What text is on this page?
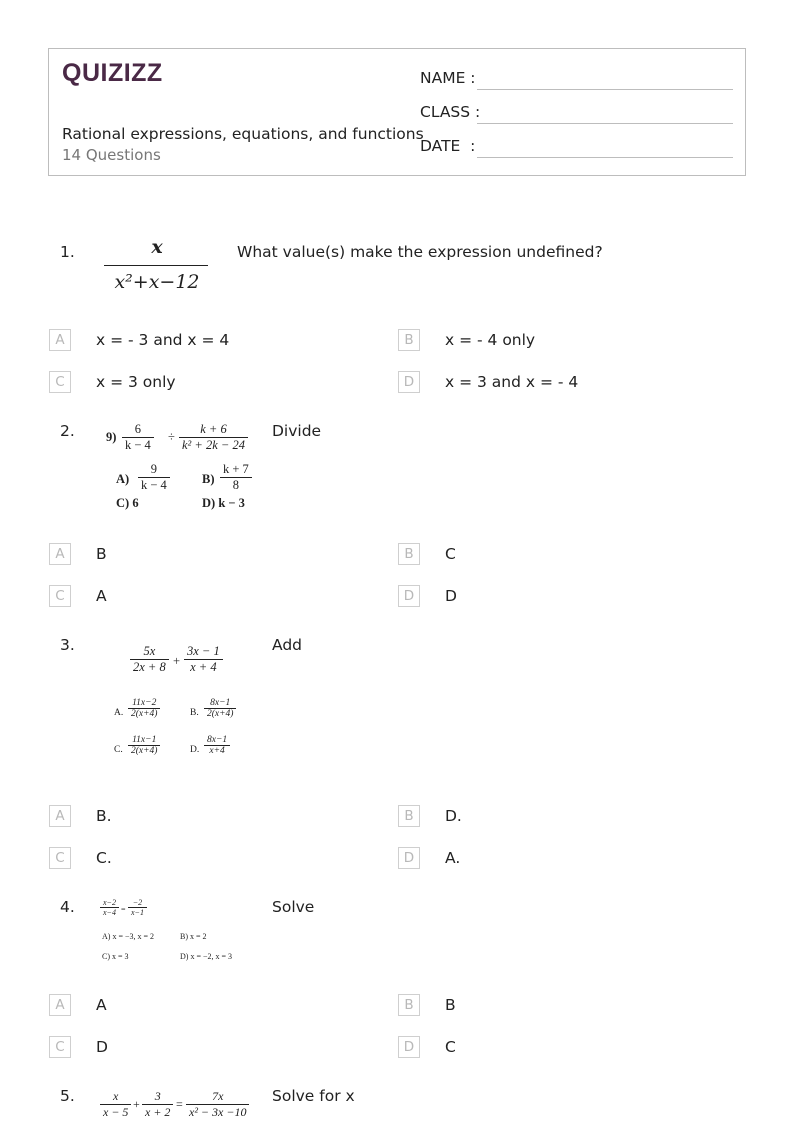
QUIZIZZ
Rational expressions, equations, and functions
14 Questions
NAME :
CLASS :
DATE  :
1.	x
x²+x−12
What value(s) make the expression undefined?
A	x = - 3 and x = 4	B	x = - 4 only
C	x = 3 only	D	x = 3 and x = - 4
2. $9) \frac{6}{k - 4} \div \frac{k + 6}{\text{k² + 2k − 24}}$
$A) \frac{9}{k - 4}$	$B) \frac{k + 7}{8}$
C) 6	D) k − 3
Divide
A	B	B	C
C	A	D	D
3.	$\frac{5x}{2x + 8} + \frac{3x - 1}{x + 4}$
A. $\frac{11x-2}{2(x+4)}$	B. $\frac{8x-1}{2(x+4)}$
C. $\frac{11x-1}{2(x+4)}$	D. $\frac{8x-1}{x+4}$
Add
A	B.	B	D.
C	C.	D	A.
4.	$\frac{x-2}{x-4} = \frac{-2}{x-1}$
A) x = −3, x = 2	B) x = 2
C) x = 3	D) x = −2, x = 3
Solve
A	A	B	B
C	D	D	C
5. $\frac{x}{x - 5} + \frac{3}{x + 2} = \frac{7x}{\text{x² − 3x −10}}$ Solve for x
